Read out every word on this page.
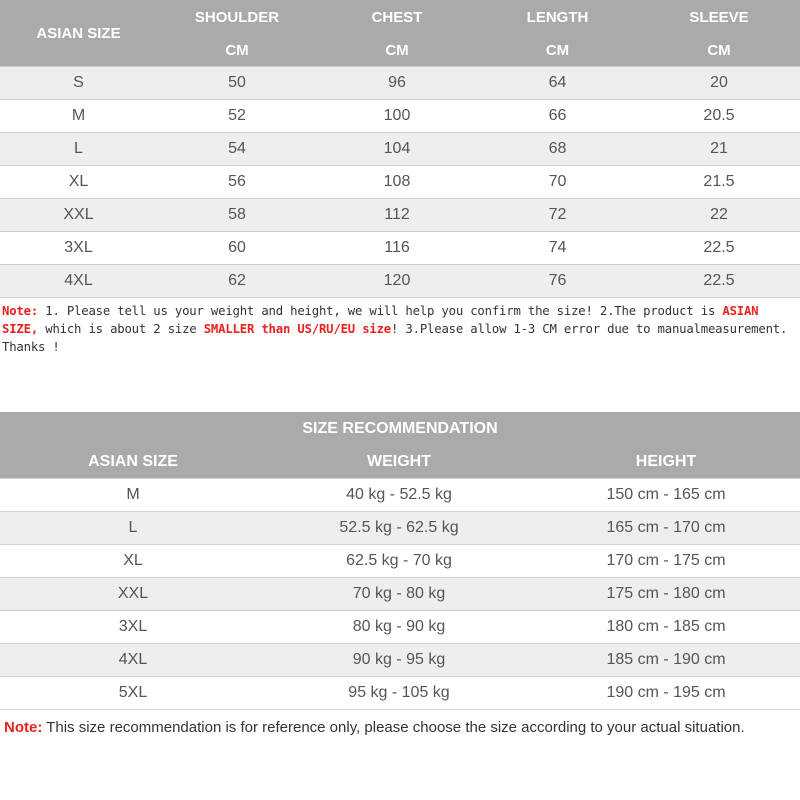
ASIAN SIZE	SHOULDER	CHEST	LENGTH	SLEEVE
	CM	CM	CM	CM
S	50	96	64	20
M	52	100	66	20.5
L	54	104	68	21
XL	56	108	70	21.5
XXL	58	112	72	22
3XL	60	116	74	22.5
4XL	62	120	76	22.5
Note: 1. Please tell us your weight and height, we will help you confirm the size! 2.The product is ASIAN SIZE, which is about 2 size SMALLER than US/RU/EU size! 3.Please allow 1-3 CM error due to manualmeasurement. Thanks !
SIZE RECOMMENDATION		
ASIAN SIZE	WEIGHT	HEIGHT
M	40 kg - 52.5 kg	150 cm - 165 cm
L	52.5 kg - 62.5 kg	165 cm - 170 cm
XL	62.5 kg - 70 kg	170 cm - 175 cm
XXL	70 kg - 80 kg	175 cm - 180 cm
3XL	80 kg - 90 kg	180 cm - 185 cm
4XL	90 kg - 95 kg	185 cm - 190 cm
5XL	95 kg - 105 kg	190 cm - 195 cm
Note: This size recommendation is for reference only, please choose the size according to your actual situation.
